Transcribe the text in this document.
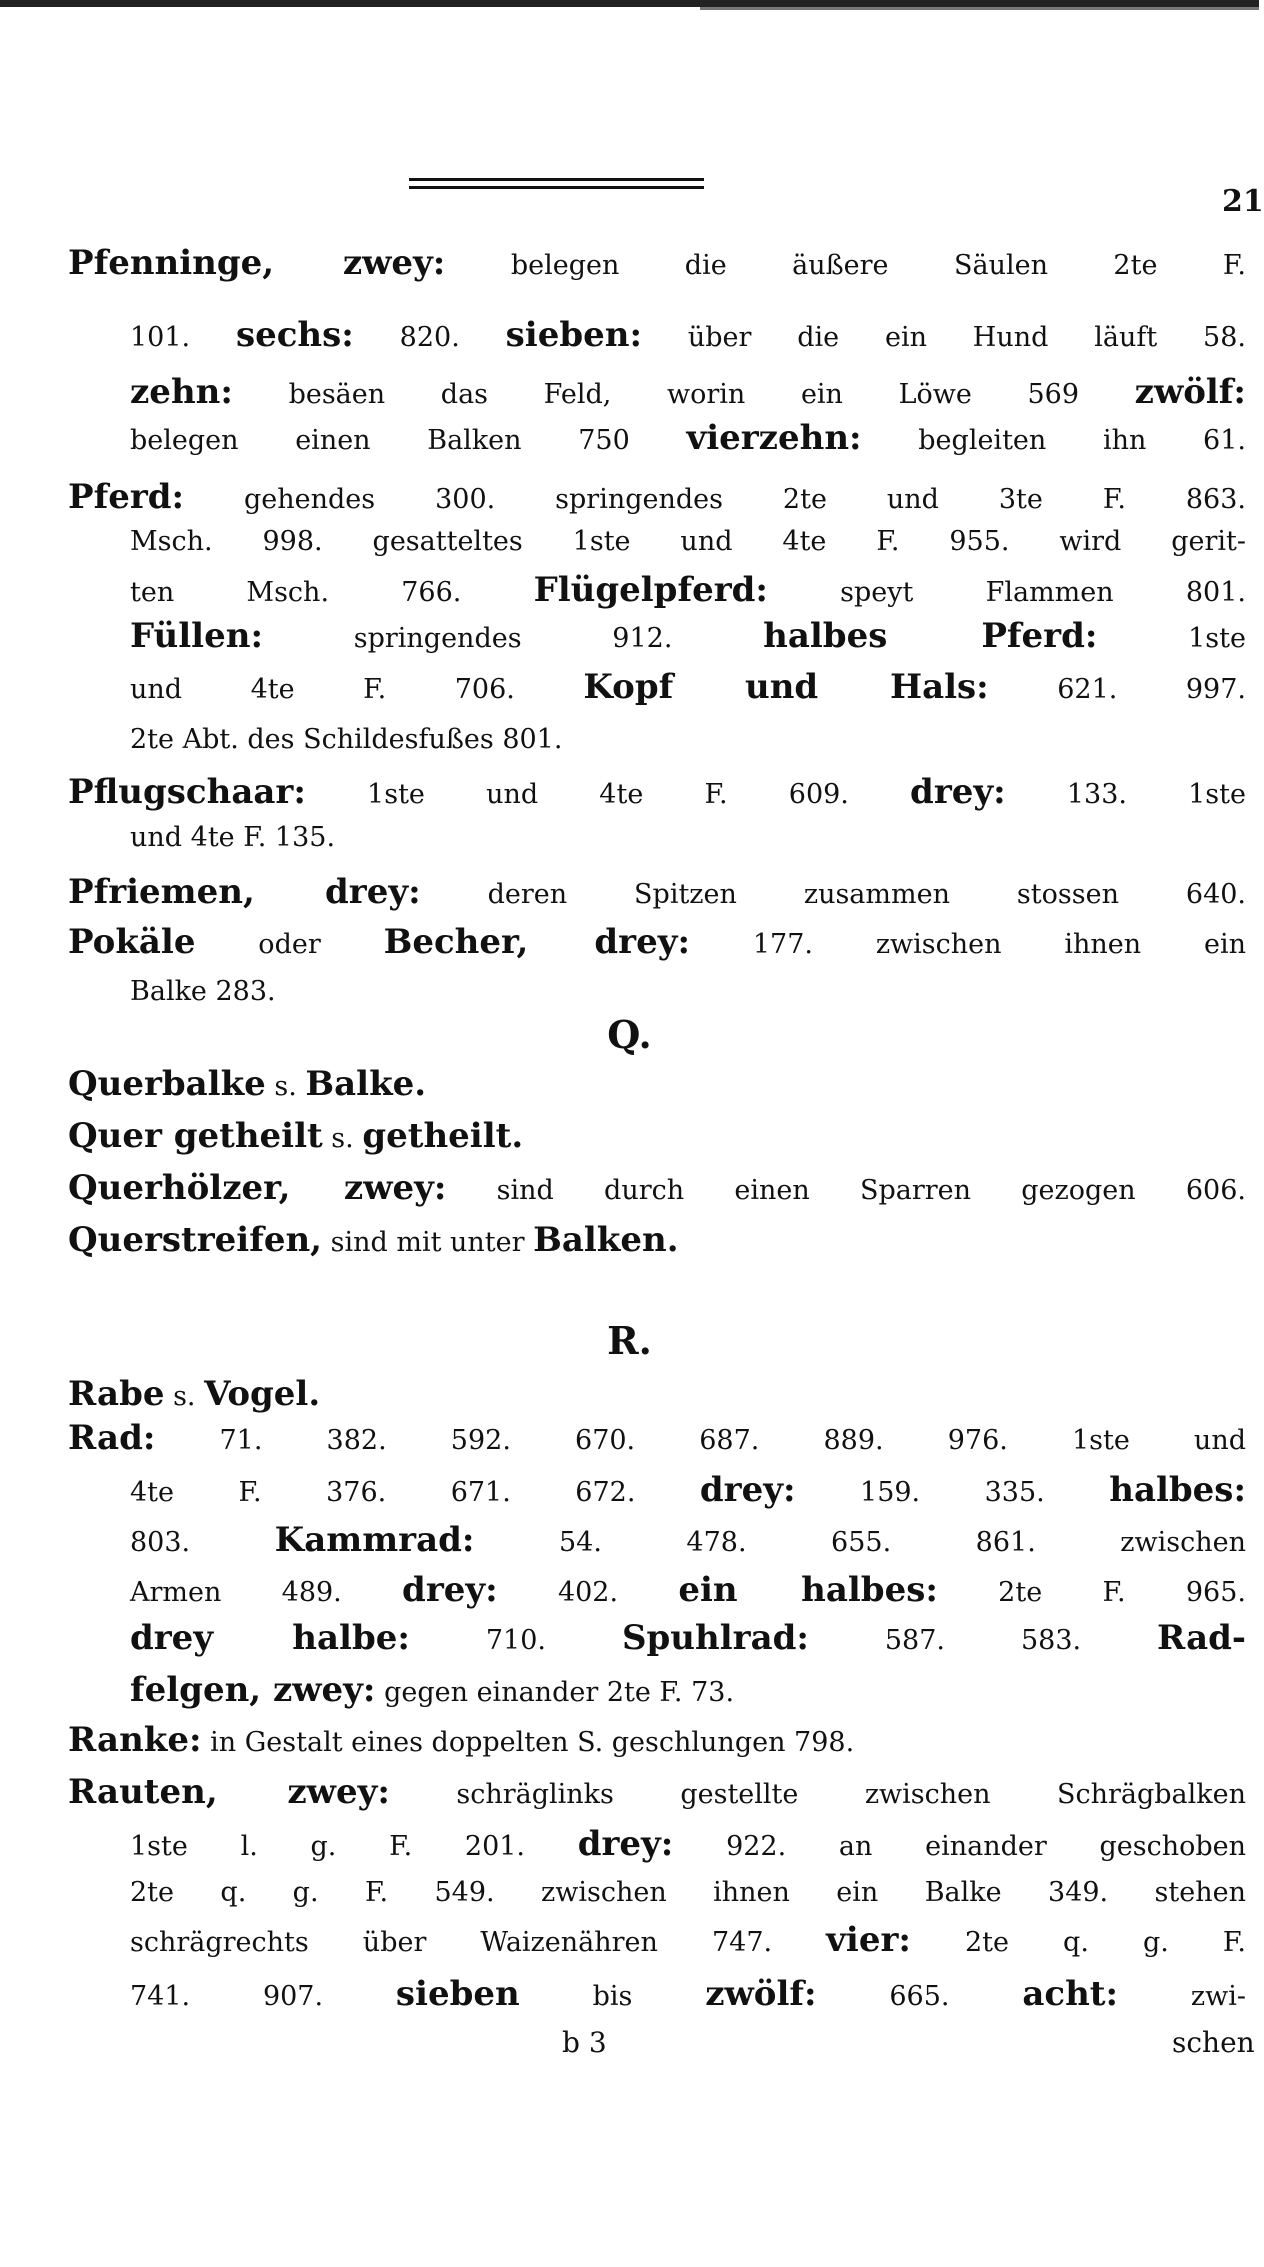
21
Pfenninge, zwey: belegen die äußere Säulen 2te F.
101. sechs: 820. sieben: über die ein Hund läuft 58.
zehn: besäen das Feld, worin ein Löwe 569 zwölf:
belegen einen Balken 750 vierzehn: begleiten ihn 61.
Pferd: gehendes 300. springendes 2te und 3te F. 863.
Msch. 998. gesatteltes 1ste und 4te F. 955. wird gerit-
ten Msch. 766. Flügelpferd: speyt Flammen 801.
Füllen: springendes 912. halbes Pferd: 1ste
und 4te F. 706. Kopf und Hals: 621. 997.
2te Abt. des Schildesfußes 801.
Pflugschaar: 1ste und 4te F. 609. drey: 133. 1ste
und 4te F. 135.
Pfriemen, drey: deren Spitzen zusammen stossen 640.
Pokäle oder Becher, drey: 177. zwischen ihnen ein
Balke 283.
Querbalke s. Balke.
Quer getheilt s. getheilt.
Querhölzer, zwey: sind durch einen Sparren gezogen 606.
Querstreifen, sind mit unter Balken.
Rabe s. Vogel.
Rad: 71. 382. 592. 670. 687. 889. 976. 1ste und
4te F. 376. 671. 672. drey: 159. 335. halbes:
803. Kammrad: 54. 478. 655. 861. zwischen
Armen 489. drey: 402. ein halbes: 2te F. 965.
drey halbe: 710. Spuhlrad: 587. 583. Rad-
felgen, zwey: gegen einander 2te F. 73.
Ranke: in Gestalt eines doppelten S. geschlungen 798.
Rauten, zwey: schräglinks gestellte zwischen Schrägbalken
1ste l. g. F. 201. drey: 922. an einander geschoben
2te q. g. F. 549. zwischen ihnen ein Balke 349. stehen
schrägrechts über Waizenähren 747. vier: 2te q. g. F.
741. 907. sieben bis zwölf: 665. acht: zwi-
Q.
R.
b 3	schen
